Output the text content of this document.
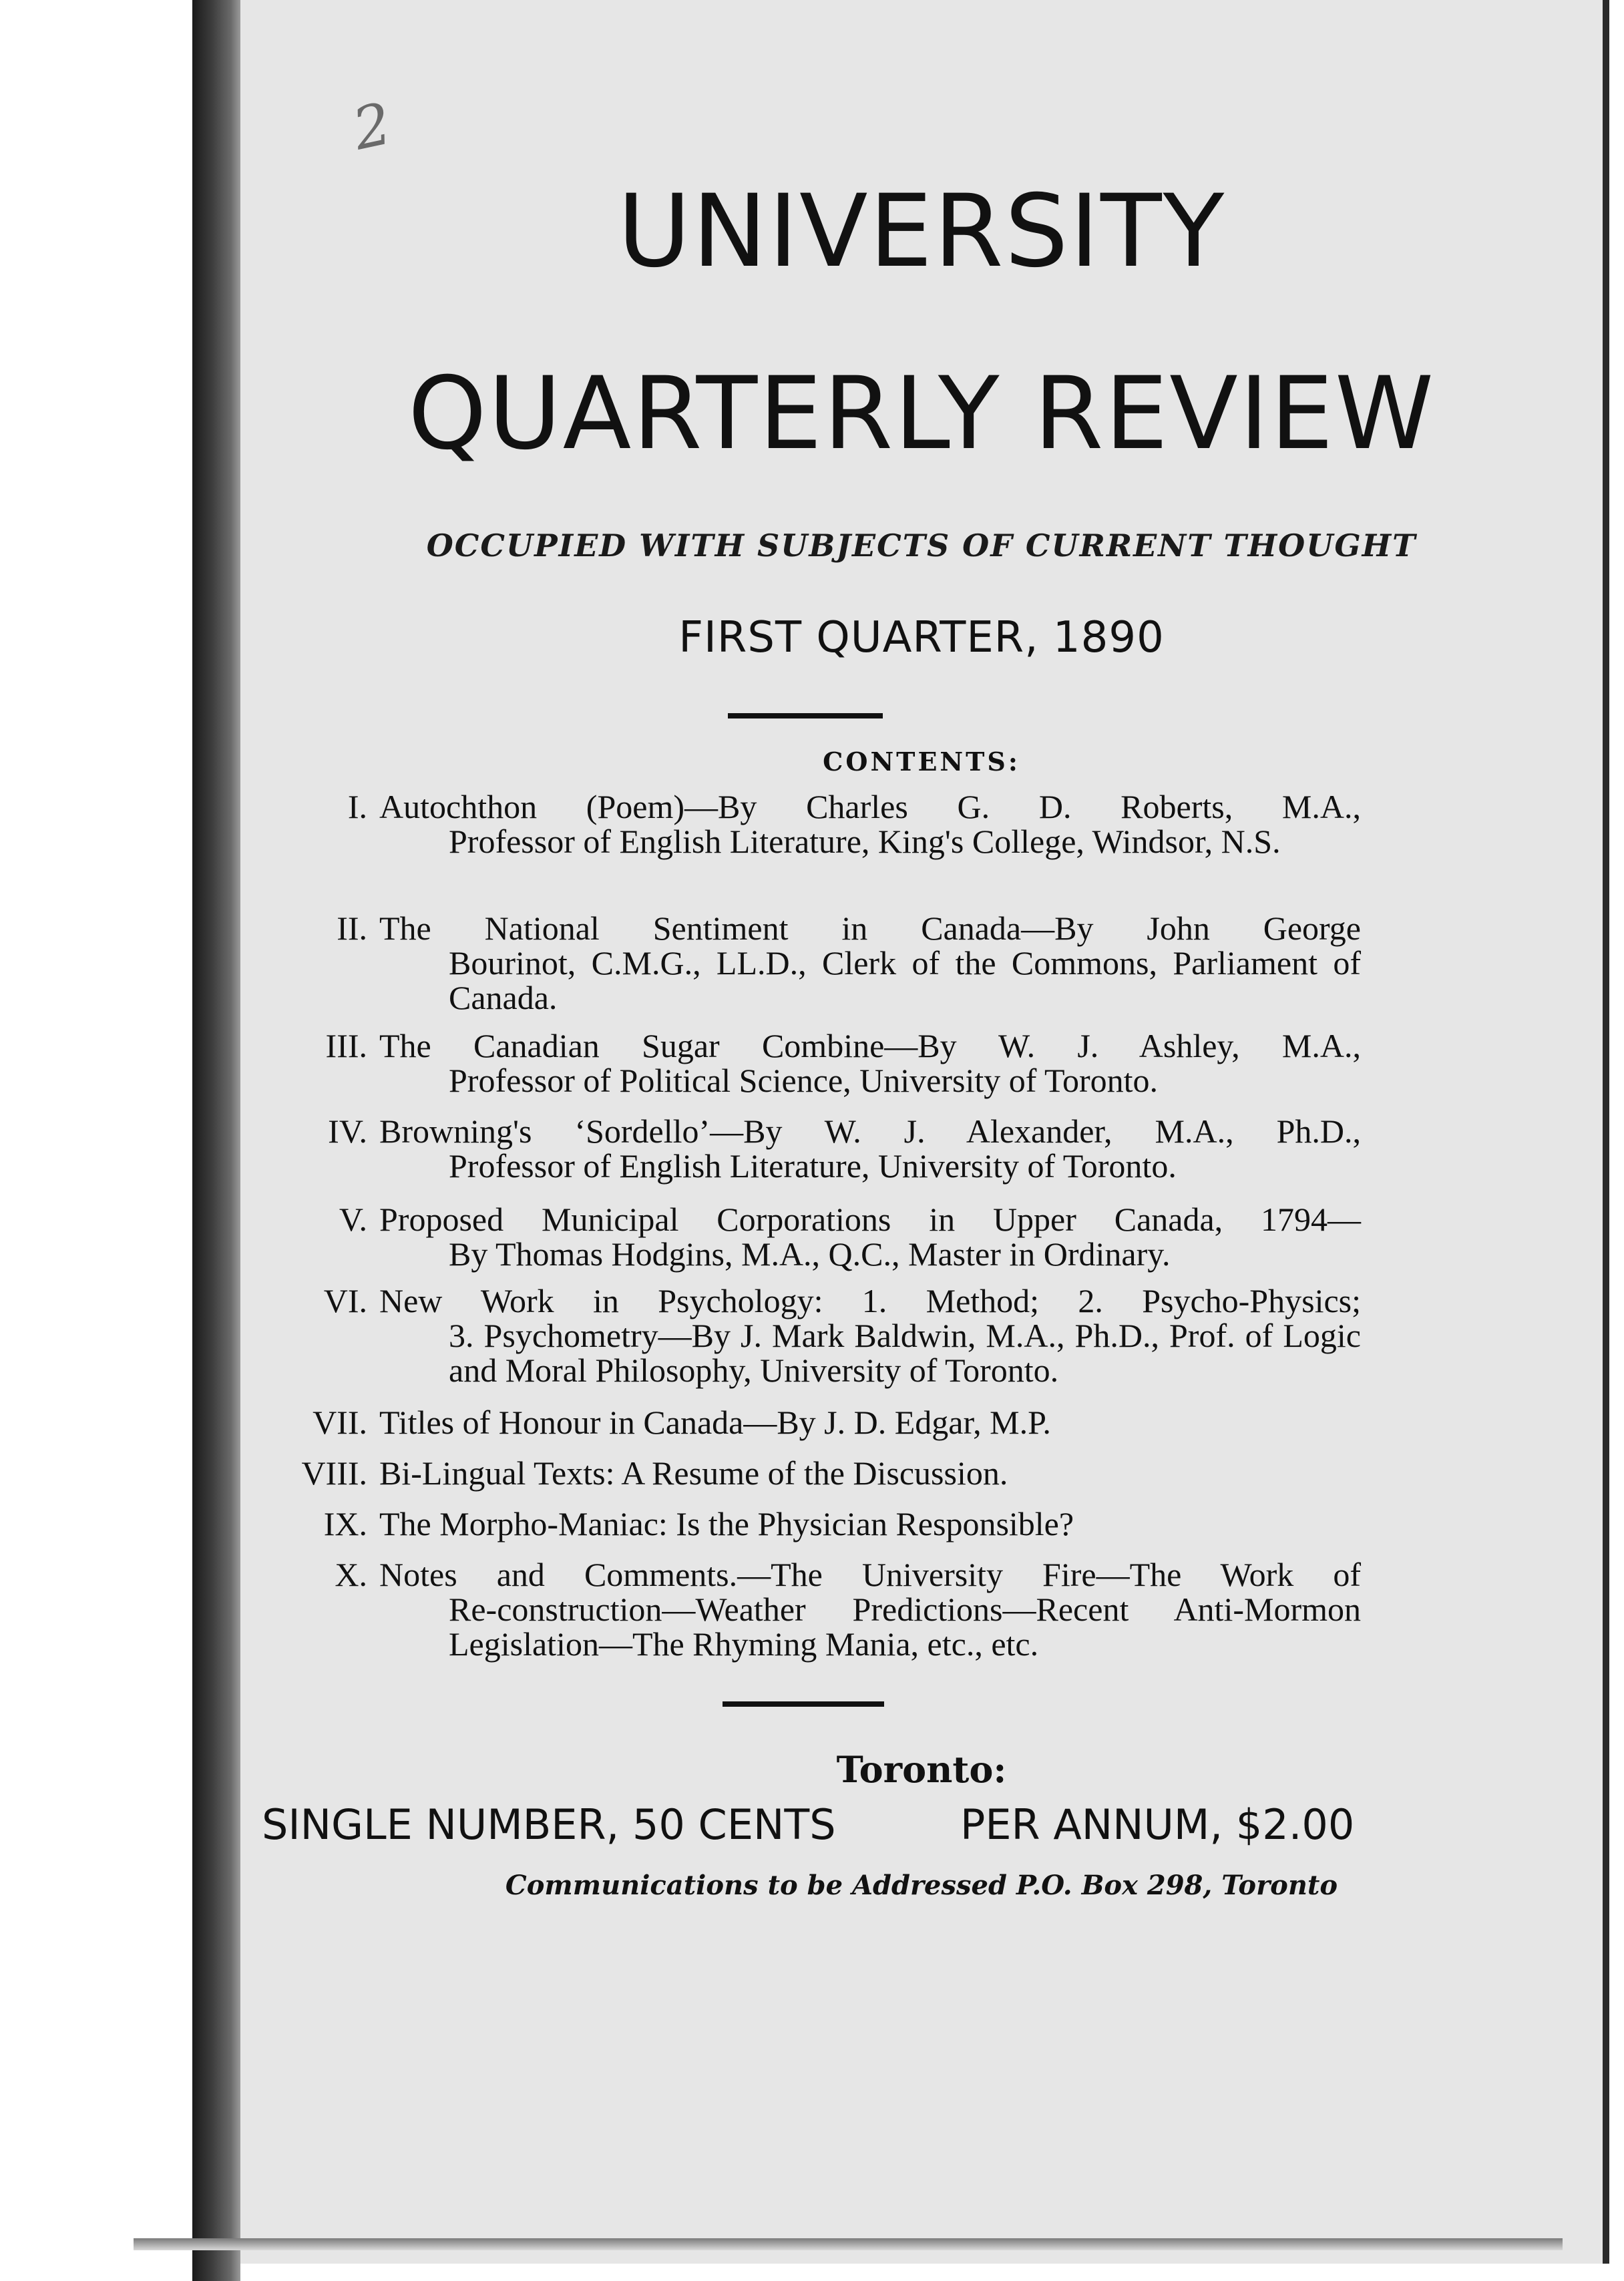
2
UNIVERSITY
QUARTERLY REVIEW
OCCUPIED WITH SUBJECTS OF CURRENT THOUGHT
FIRST QUARTER, 1890
CONTENTS:
I. Autochthon (Poem)—By Charles G. D. Roberts, M.A.,
Professor of English Literature, King's College, Windsor, N.S.
II. The National Sentiment in Canada—By John George
Bourinot, C.M.G., LL.D., Clerk of the Commons, Parliament of Canada.
III. The Canadian Sugar Combine—By W. J. Ashley, M.A.,
Professor of Political Science, University of Toronto.
IV. Browning's ‘Sordello’—By W. J. Alexander, M.A., Ph.D.,
Professor of English Literature, University of Toronto.
V. Proposed Municipal Corporations in Upper Canada, 1794—
By Thomas Hodgins, M.A., Q.C., Master in Ordinary.
VI. New Work in Psychology: 1. Method; 2. Psycho-Physics;
3. Psychometry—By J. Mark Baldwin, M.A., Ph.D., Prof. of Logic and Moral Philosophy, University of Toronto.
VII. Titles of Honour in Canada—By J. D. Edgar, M.P.
VIII. Bi-Lingual Texts: A Resume of the Discussion.
IX. The Morpho-Maniac: Is the Physician Responsible?
X. Notes and Comments.—The University Fire—The Work of
Re-construction—Weather Predictions—Recent Anti-Mormon Legislation—The Rhyming Mania, etc., etc.
Toronto:
SINGLE NUMBER, 50 CENTS	PER ANNUM, $2.00
Communications to be Addressed P.O. Box 298, Toronto
